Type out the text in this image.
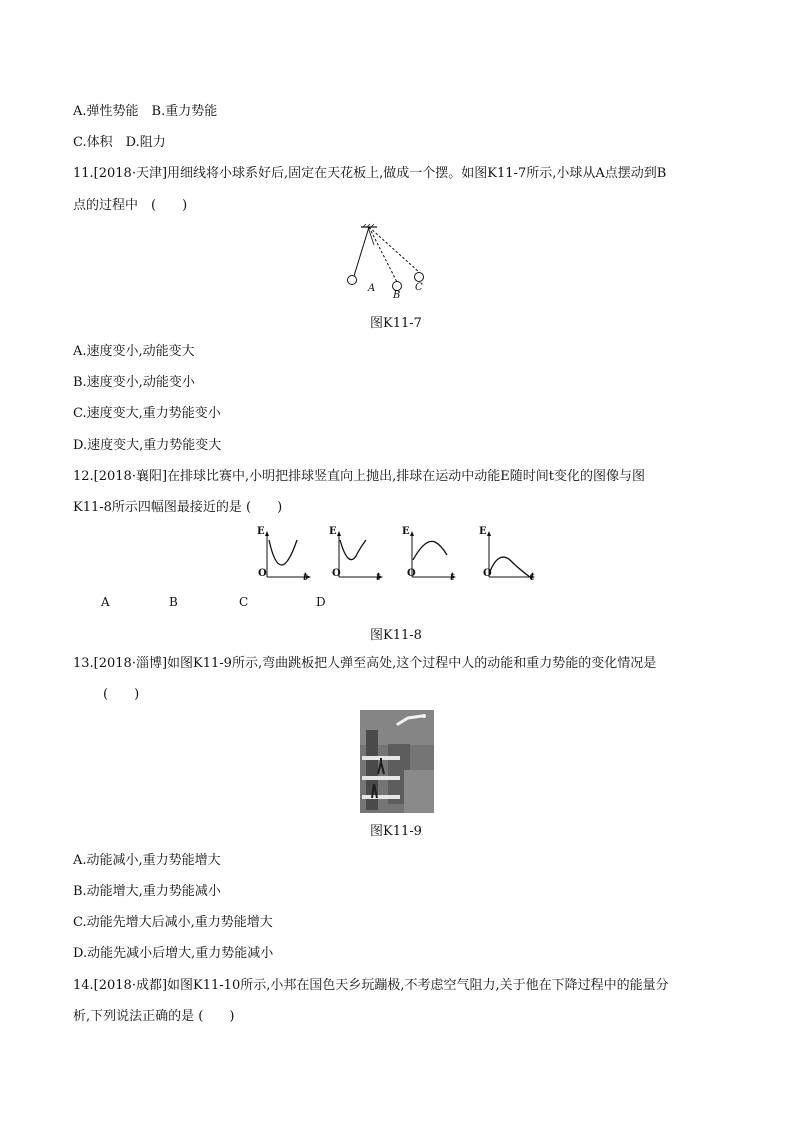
A.弹性势能　B.重力势能
C.体积　D.阻力
11.[2018·天津]用细线将小球系好后,固定在天花板上,做成一个摆。如图K11-7所示,小球从A点摆动到B
点的过程中　(　　)
A
B
C
图K11-7
A.速度变小,动能变大
B.速度变小,动能变小
C.速度变大,重力势能变小
D.速度变大,重力势能变大
12.[2018·襄阳]在排球比赛中,小明把排球竖直向上抛出,排球在运动中动能E随时间t变化的图像与图
K11-8所示四幅图最接近的是 (　　)
E
O	t
E
O	t
E
O	t
E
O	t
A	B	C	D
图K11-8
13.[2018·淄博]如图K11-9所示,弯曲跳板把人弹至高处,这个过程中人的动能和重力势能的变化情况是
(　　)
图K11-9
A.动能减小,重力势能增大
B.动能增大,重力势能减小
C.动能先增大后减小,重力势能增大
D.动能先减小后增大,重力势能减小
14.[2018·成都]如图K11-10所示,小邦在国色天乡玩蹦极,不考虑空气阻力,关于他在下降过程中的能量分
析,下列说法正确的是 (　　)
